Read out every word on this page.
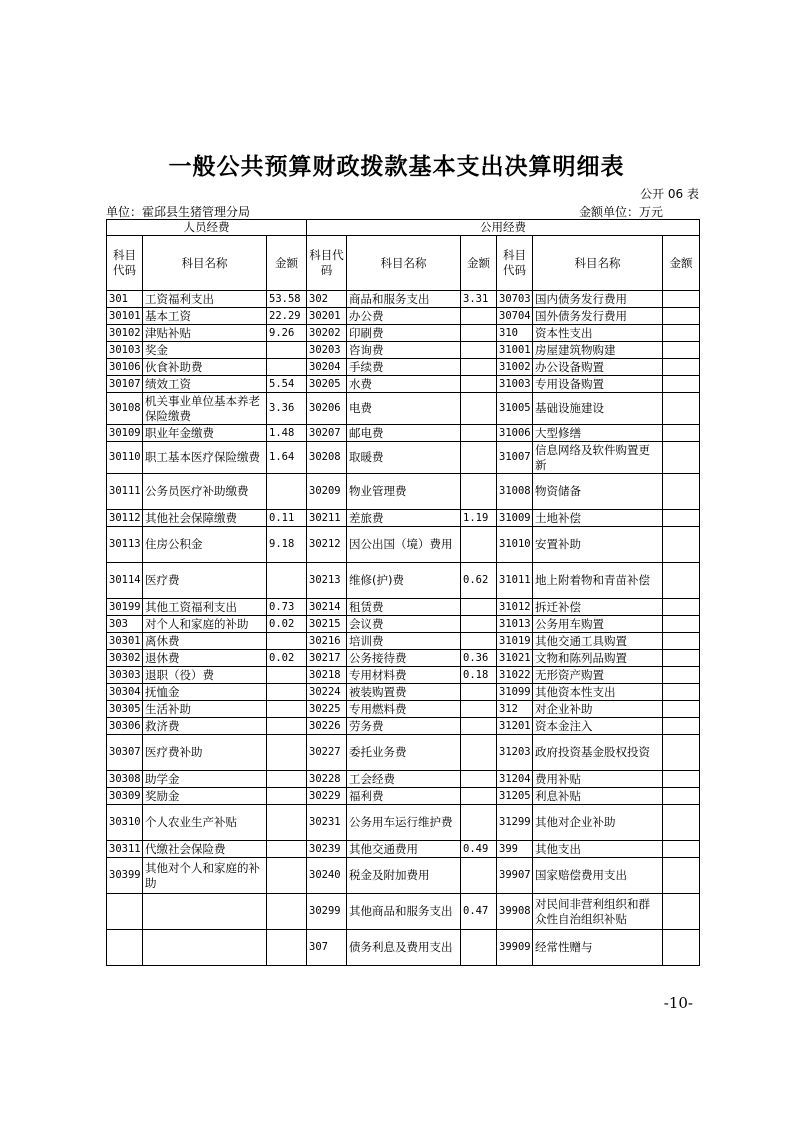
一般公共预算财政拨款基本支出决算明细表
公开 06 表
单位：霍邱县生猪管理分局	金额单位：万元
人员经费			公用经费					
科目代码	科目名称	金额	科目代码	科目名称	金额	科目代码	科目名称	金额
301	工资福利支出	53.58	302	商品和服务支出	3.31	30703	国内债务发行费用	
30101	基本工资	22.29	30201	办公费		30704	国外债务发行费用	
30102	津贴补贴	9.26	30202	印刷费		310	资本性支出	
30103	奖金		30203	咨询费		31001	房屋建筑物购建	
30106	伙食补助费		30204	手续费		31002	办公设备购置	
30107	绩效工资	5.54	30205	水费		31003	专用设备购置	
30108	机关事业单位基本养老保险缴费	3.36	30206	电费		31005	基础设施建设	
30109	职业年金缴费	1.48	30207	邮电费		31006	大型修缮	
30110	职工基本医疗保险缴费	1.64	30208	取暖费		31007	信息网络及软件购置更新	
30111	公务员医疗补助缴费		30209	物业管理费		31008	物资储备	
30112	其他社会保障缴费	0.11	30211	差旅费	1.19	31009	土地补偿	
30113	住房公积金	9.18	30212	因公出国（境）费用		31010	安置补助	
30114	医疗费		30213	维修(护)费	0.62	31011	地上附着物和青苗补偿	
30199	其他工资福利支出	0.73	30214	租赁费		31012	拆迁补偿	
303	对个人和家庭的补助	0.02	30215	会议费		31013	公务用车购置	
30301	离休费		30216	培训费		31019	其他交通工具购置	
30302	退休费	0.02	30217	公务接待费	0.36	31021	文物和陈列品购置	
30303	退职（役）费		30218	专用材料费	0.18	31022	无形资产购置	
30304	抚恤金		30224	被装购置费		31099	其他资本性支出	
30305	生活补助		30225	专用燃料费		312	对企业补助	
30306	救济费		30226	劳务费		31201	资本金注入	
30307	医疗费补助		30227	委托业务费		31203	政府投资基金股权投资	
30308	助学金		30228	工会经费		31204	费用补贴	
30309	奖励金		30229	福利费		31205	利息补贴	
30310	个人农业生产补贴		30231	公务用车运行维护费		31299	其他对企业补助	
30311	代缴社会保险费		30239	其他交通费用	0.49	399	其他支出	
30399	其他对个人和家庭的补助		30240	税金及附加费用		39907	国家赔偿费用支出	
			30299	其他商品和服务支出	0.47	39908	对民间非营利组织和群众性自治组织补贴	
			307	债务利息及费用支出		39909	经常性赠与	
-10-
